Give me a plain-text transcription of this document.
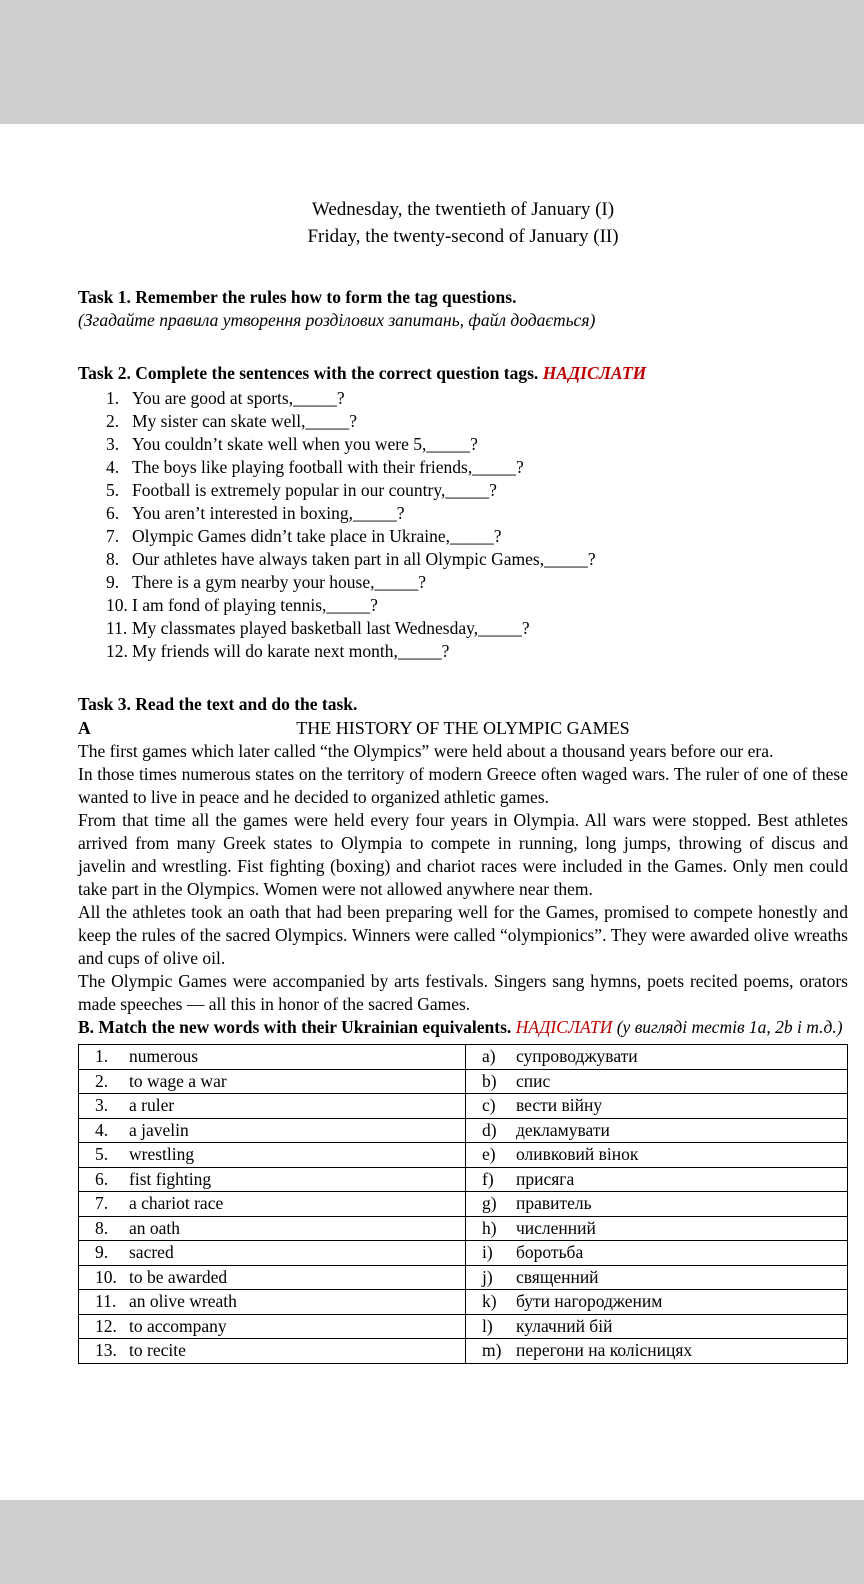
Wednesday, the twentieth of January (I)
Friday, the twenty-second of January (II)

Task 1. Remember the rules how to form the tag questions.

(Згадайте правила утворення розділових запитань, файл додається)

Task 2. Complete the sentences with the correct question tags. НАДІСЛАТИ

1. You are good at sports,_____?
2. My sister can skate well,_____?
3. You couldn’t skate well when you were 5,_____?
4. The boys like playing football with their friends,_____?
5. Football is extremely popular in our country,_____?
6. You aren’t interested in boxing,_____?
7. Olympic Games didn’t take place in Ukraine,_____?
8. Our athletes have always taken part in all Olympic Games,_____?
9. There is a gym nearby your house,_____?
10. I am fond of playing tennis,_____?
11. My classmates played basketball last Wednesday,_____?
12. My friends will do karate next month,_____?

Task 3. Read the text and do the task.

A	THE HISTORY OF THE OLYMPIC GAMES

The first games which later called “the Olympics” were held about a thousand years before our era.

In those times numerous states on the territory of modern Greece often waged wars. The ruler of one of these wanted to live in peace and he decided to organized athletic games.

From that time all the games were held every four years in Olympia. All wars were stopped. Best athletes arrived from many Greek states to Olympia to compete in running, long jumps, throwing of discus and javelin and wrestling. Fist fighting (boxing) and chariot races were included in the Games. Only men could take part in the Olympics. Women were not allowed anywhere near them.

All the athletes took an oath that had been preparing well for the Games, promised to compete honestly and keep the rules of the sacred Olympics. Winners were called “olympionics”. They were awarded olive wreaths and cups of olive oil.

The Olympic Games were accompanied by arts festivals. Singers sang hymns, poets recited poems, orators made speeches — all this in honor of the sacred Games.

B. Match the new words with their Ukrainian equivalents. НАДІСЛАТИ (у вигляді тестів 1a, 2b і т.д.)
1. numerous	a) супроводжувати
2. to wage a war	b) спис
3. a ruler	c) вести війну
4. a javelin	d) декламувати
5. wrestling	e) оливковий вінок
6. fist fighting	f) присяга
7. a chariot race	g) правитель
8. an oath	h) численний
9. sacred	i) боротьба
10. to be awarded	j) священний
11. an olive wreath	k) бути нагородженим
12. to accompany	l) кулачний бій
13. to recite	m) перегони на колісницях
